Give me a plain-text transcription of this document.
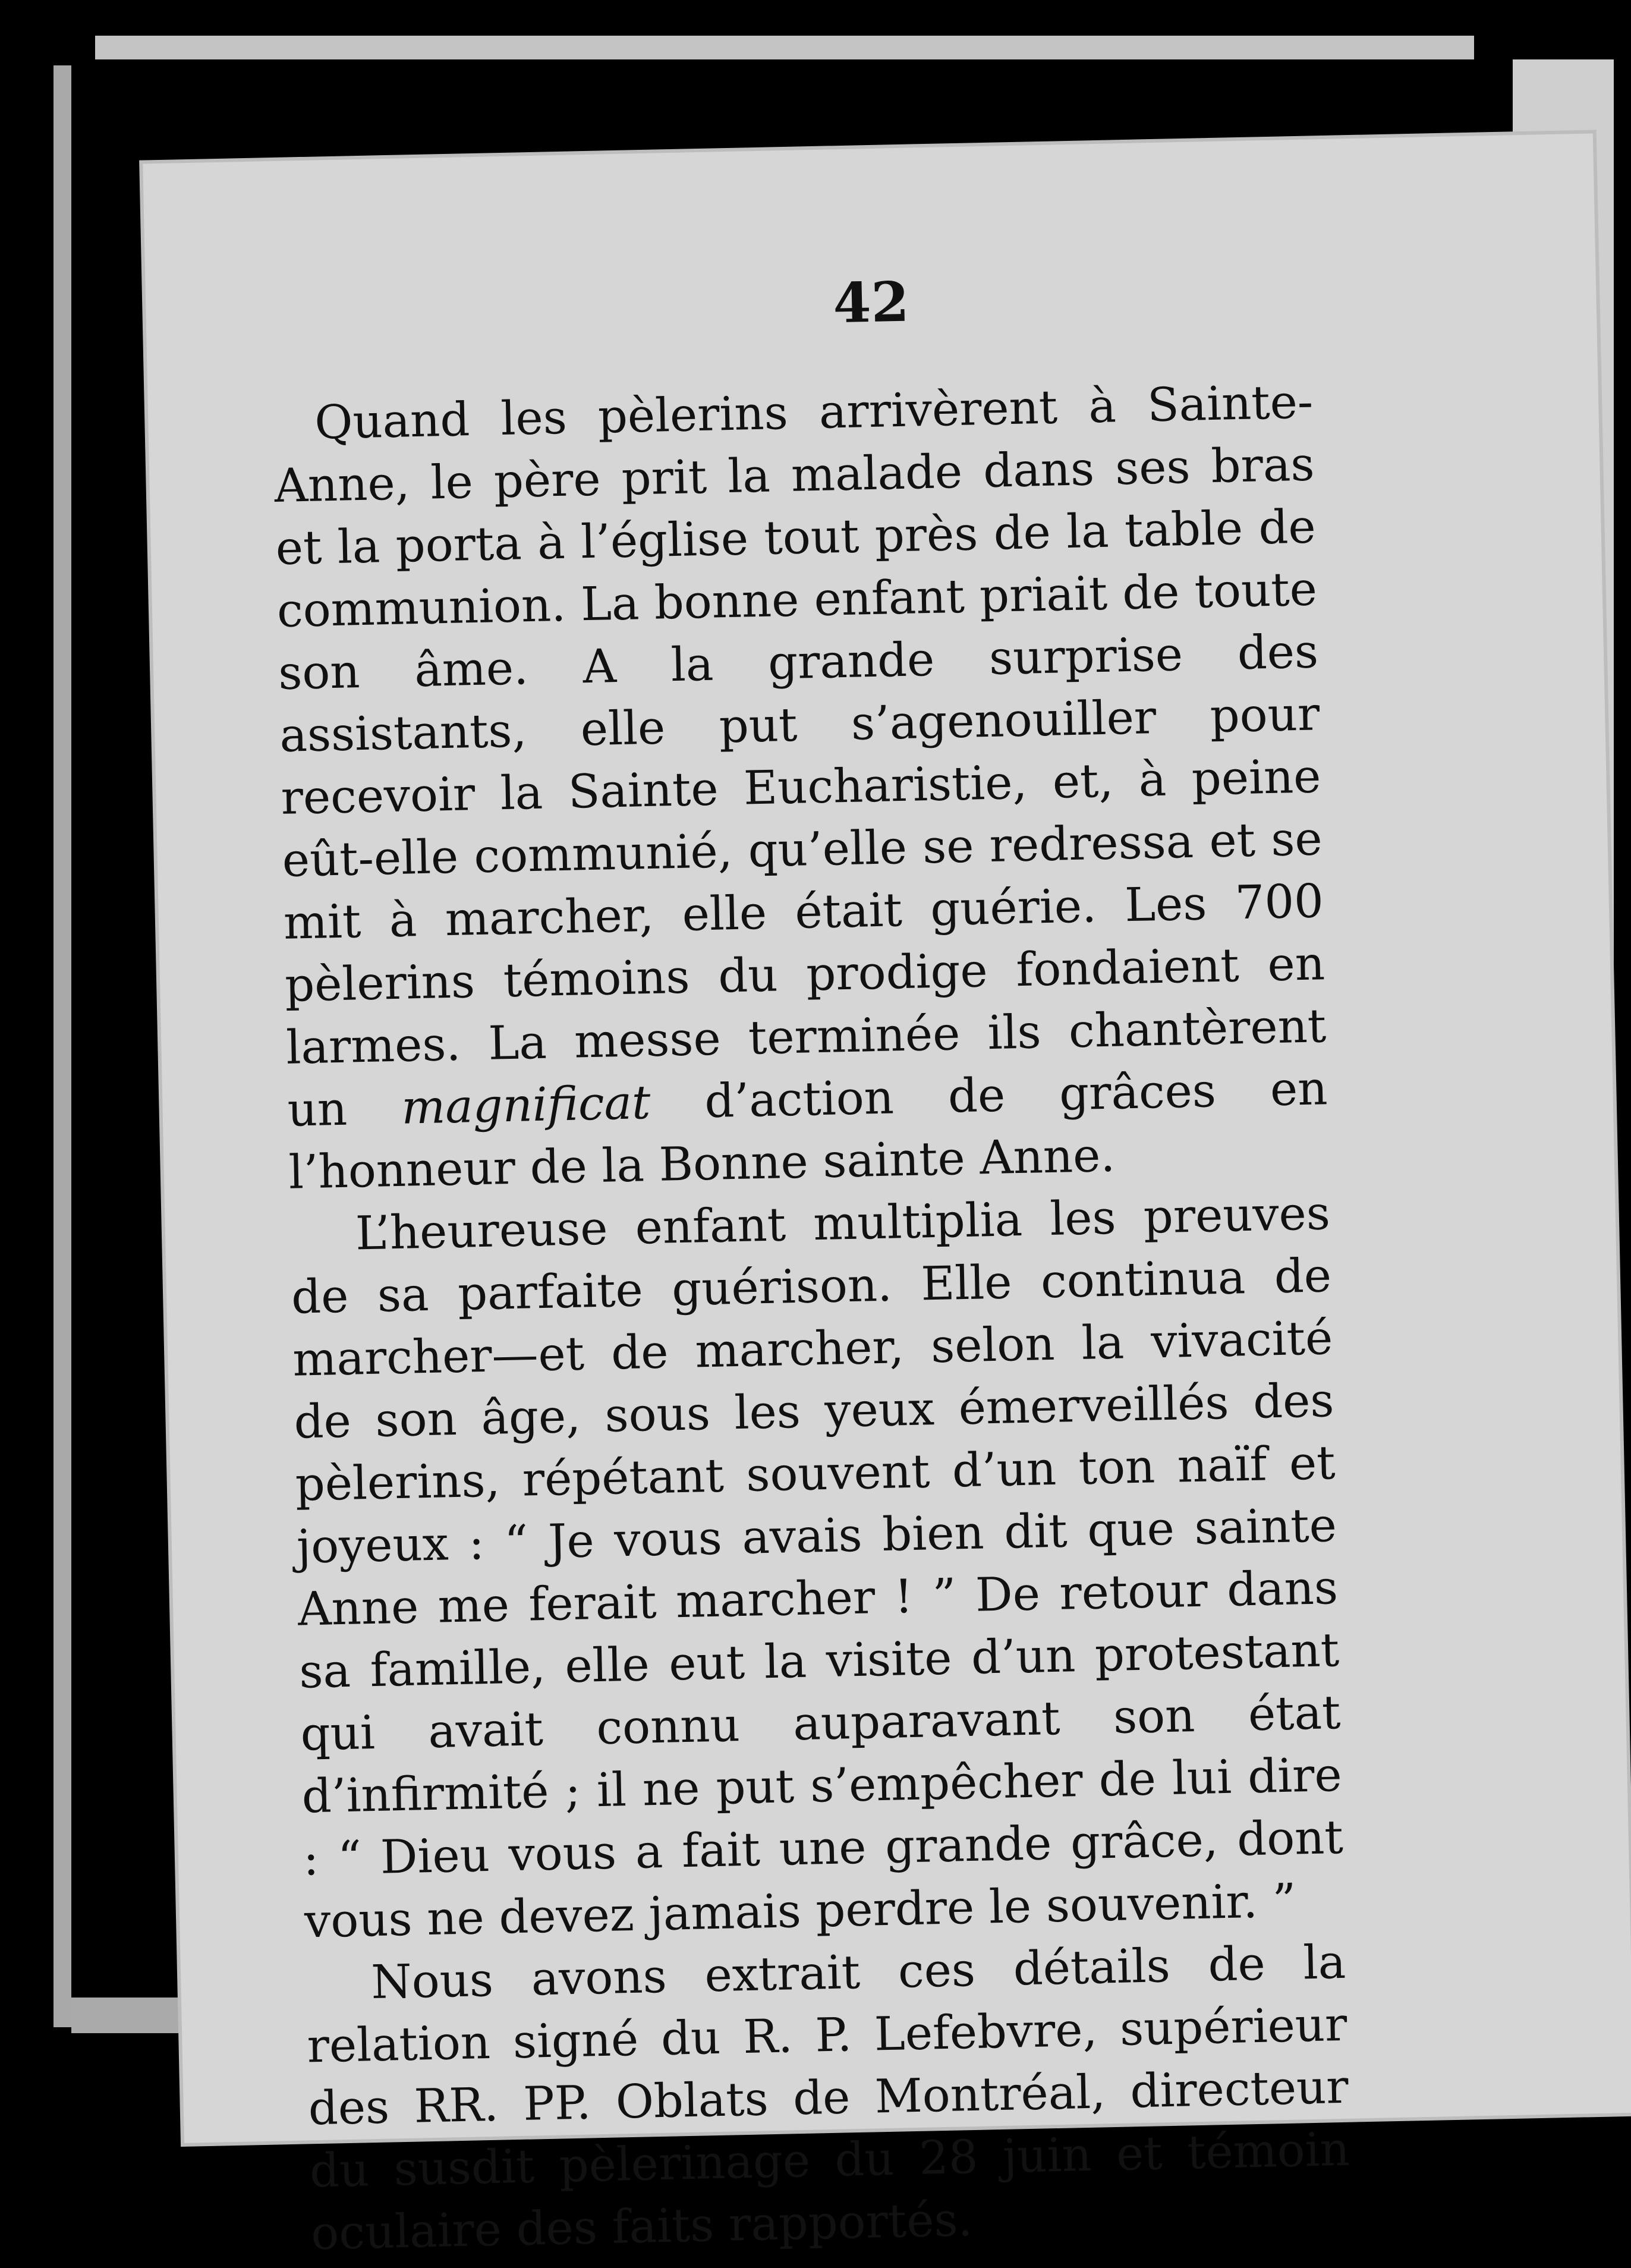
42

Quand les pèlerins arrivèrent à Sainte-Anne, le père prit la malade dans ses bras et la porta à l’église tout près de la table de communion. La bonne enfant priait de toute son âme. A la grande surprise des assistants, elle put s’agenouiller pour recevoir la Sainte Eucharistie, et, à peine eût-elle communié, qu’elle se redressa et se mit à marcher, elle était guérie. Les 700 pèlerins témoins du prodige fondaient en larmes. La messe terminée ils chantèrent un magnificat d’action de grâces en l’honneur de la Bonne sainte Anne.

L’heureuse enfant multiplia les preuves de sa parfaite guérison. Elle continua de marcher—et de marcher, selon la vivacité de son âge, sous les yeux émerveillés des pèlerins, répétant souvent d’un ton naïf et joyeux : “ Je vous avais bien dit que sainte Anne me ferait marcher ! ” De retour dans sa famille, elle eut la visite d’un protestant qui avait connu auparavant son état d’infirmité ; il ne put s’empêcher de lui dire : “ Dieu vous a fait une grande grâce, dont vous ne devez jamais perdre le souvenir. ”

Nous avons extrait ces détails de la relation signé du R. P. Lefebvre, supérieur des RR. PP. Oblats de Montréal, directeur du susdit pèlerinage du 28 juin et témoin oculaire des faits rapportés.
